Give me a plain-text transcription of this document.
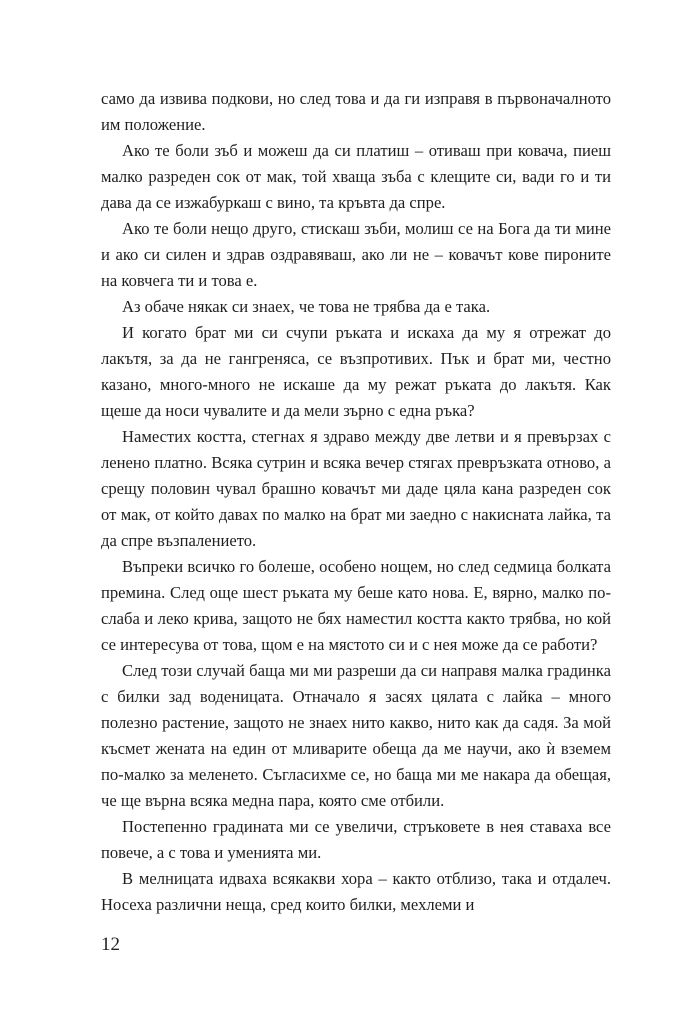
само да извива подкови, но след това и да ги изправя в първоначалното им положение.

Ако те боли зъб и можеш да си платиш – отиваш при ковача, пиеш малко разреден сок от мак, той хваща зъба с клещите си, вади го и ти дава да се изжабуркаш с вино, та кръвта да спре.

Ако те боли нещо друго, стискаш зъби, молиш се на Бога да ти мине и ако си силен и здрав оздравяваш, ако ли не – ковачът кове пироните на ковчега ти и това е.

Аз обаче някак си знаех, че това не трябва да е така.

И когато брат ми си счупи ръката и искаха да му я отрежат до лакътя, за да не гангренясa, се възпротивих. Пък и брат ми, честно казано, много-много не искаше да му режат ръката до лакътя. Как щеше да носи чувалите и да мели зърно с една ръка?

Наместих костта, стегнах я здраво между две летви и я превързах с ленено платно. Всяка сутрин и всяка вечер стягах превръзката отново, а срещу половин чувал брашно ковачът ми даде цяла кана разреден сок от мак, от който давах по малко на брат ми заедно с накисната лайка, та да спре възпалението.

Въпреки всичко го болеше, особено нощем, но след седмица болката премина. След още шест ръката му беше като нова. Е, вярно, малко по-слаба и леко крива, защото не бях наместил костта както трябва, но кой се интересува от това, щом е на мястото си и с нея може да се работи?

След този случай баща ми ми разреши да си направя малка градинка с билки зад воденицата. Отначало я засях цялата с лайка – много полезно растение, защото не знаех нито какво, нито как да садя. За мой късмет жената на един от мливарите обеща да ме научи, ако ѝ вземем по-малко за меленето. Съгласихме се, но баща ми ме накара да обещая, че ще върна всяка медна пара, която сме отбили.

Постепенно градината ми се увеличи, стръковете в нея ставаха все повече, а с това и уменията ми.

В мелницата идваха всякакви хора – както отблизо, така и отдалеч. Носеха различни неща, сред които билки, мехлеми и

12
